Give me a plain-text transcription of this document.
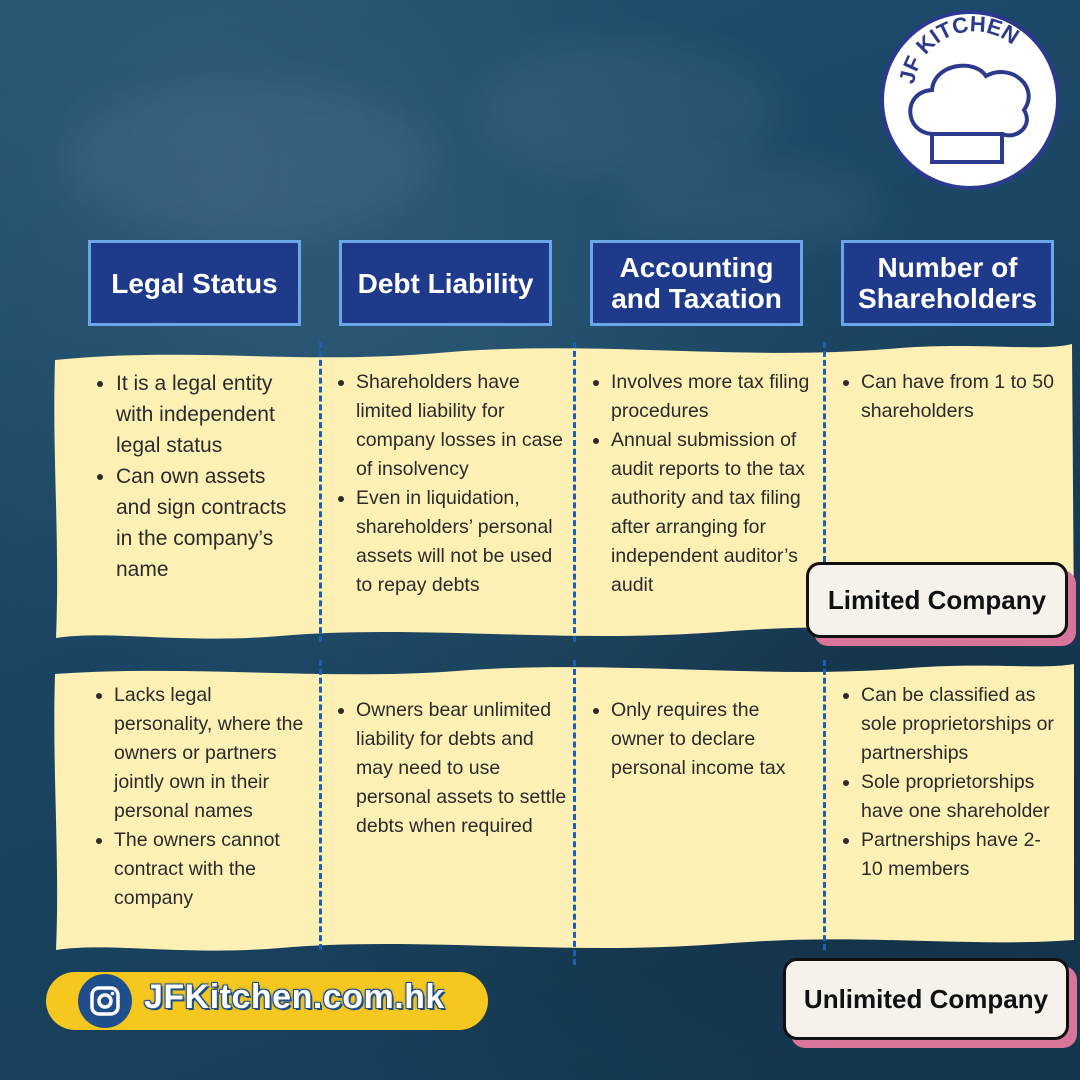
JF KITCHEN
Legal Status	Debt Liability	Accounting and Taxation
Number of Shareholders
• It is a legal entity with independent legal status
• Can own assets and sign contracts in the company’s name
• Shareholders have limited liability for company losses in case of insolvency
• Even in liquidation, shareholders’ personal assets will not be used to repay debts
• Involves more tax filing procedures
• Annual submission of audit reports to the tax authority and tax filing after arranging for independent auditor’s audit
• Can have from 1 to 50 shareholders
• Lacks legal personality, where the owners or partners jointly own in their personal names
• The owners cannot contract with the company
• Owners bear unlimited liability for debts and may need to use personal assets to settle debts when required
• Only requires the owner to declare personal income tax
• Can be classified as sole proprietorships or partnerships
• Sole proprietorships have one shareholder
• Partnerships have 2-10 members
Limited Company
Unlimited Company
JFKitchen.com.hk
